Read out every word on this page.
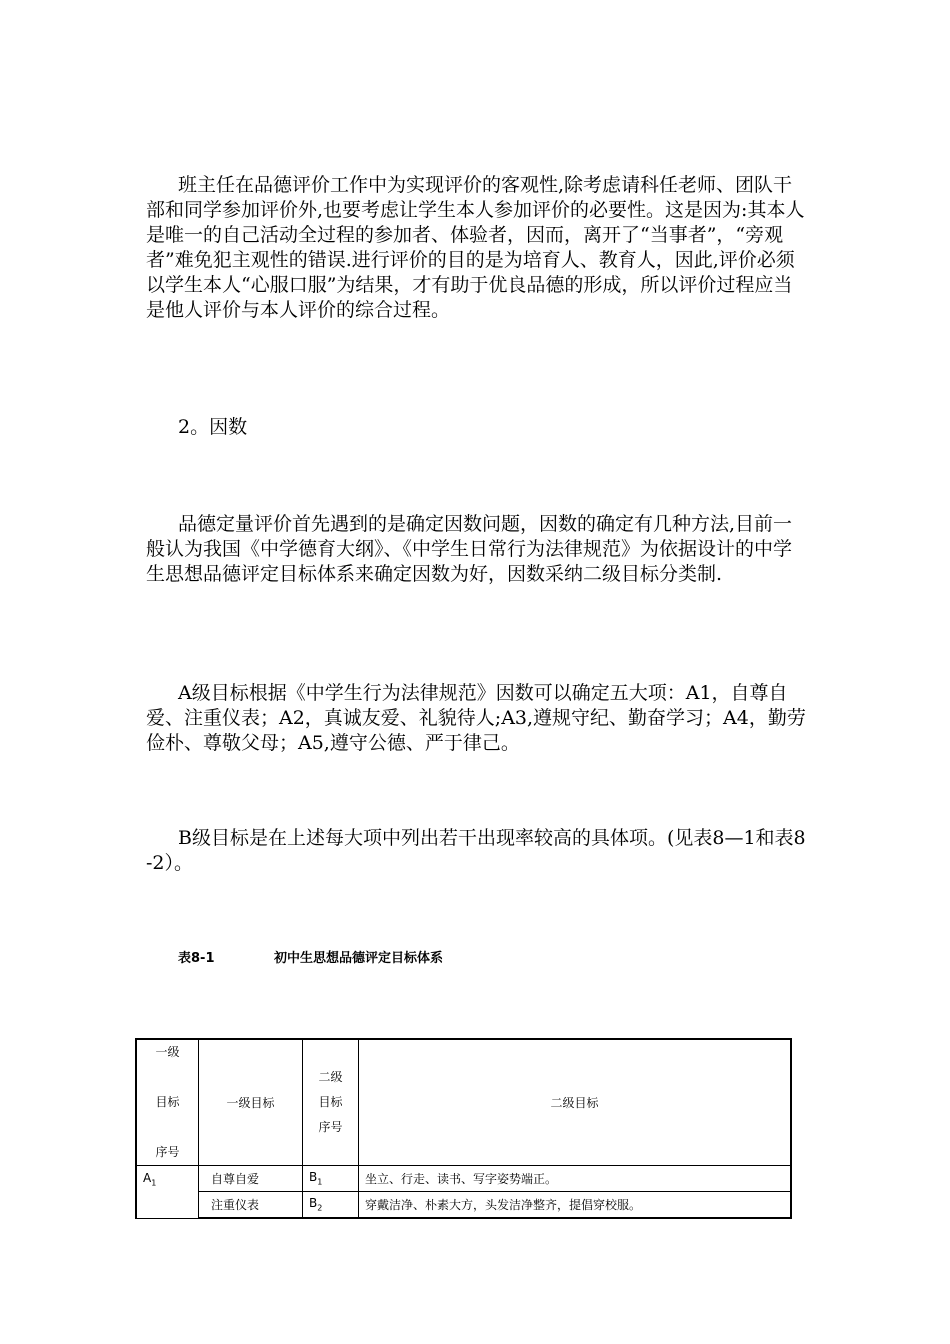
班主任在品德评价工作中为实现评价的客观性,除考虑请科任老师、团队干部和同学参加评价外,也要考虑让学生本人参加评价的必要性。这是因为:其本人是唯一的自己活动全过程的参加者、体验者，因而，离开了“当事者”，“旁观者”难免犯主观性的错误.进行评价的目的是为培育人、教育人，因此,评价必须以学生本人“心服口服”为结果，才有助于优良品德的形成，所以评价过程应当是他人评价与本人评价的综合过程。

2。因数

品德定量评价首先遇到的是确定因数问题，因数的确定有几种方法,目前一般认为我国《中学德育大纲》、《中学生日常行为法律规范》为依据设计的中学生思想品德评定目标体系来确定因数为好，因数采纳二级目标分类制.

A级目标根据《中学生行为法律规范》因数可以确定五大项：A1，自尊自爱、注重仪表；A2，真诚友爱、礼貌待人;A3,遵规守纪、勤奋学习；A4，勤劳俭朴、尊敬父母；A5,遵守公德、严于律己。

B级目标是在上述每大项中列出若干出现率较高的具体项。(见表8—1和表8-2）。

表8-1	初中生思想品德评定目标体系
一级
目标
序号	一级目标	二级
目标
序号	二级目标
$A_1$	自尊自爱	$B_1$	坐立、行走、读书、写字姿势端正。
	注重仪表	$B_2$	穿戴洁净、朴素大方，头发洁净整齐，提倡穿校服。
